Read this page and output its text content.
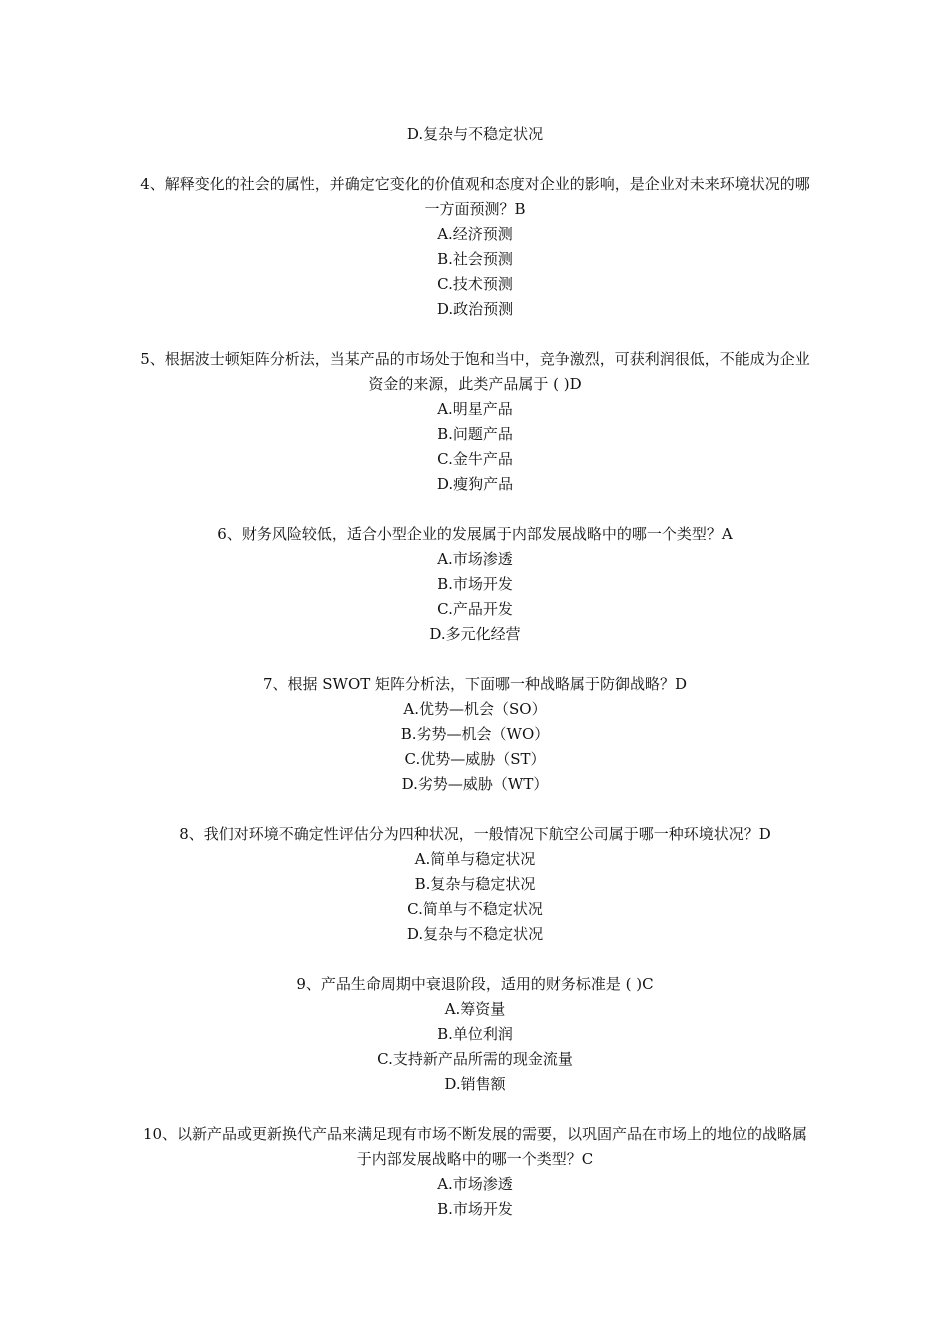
D.复杂与不稳定状况
4、解释变化的社会的属性，并确定它变化的价值观和态度对企业的影响，是企业对未来环境状况的哪一方面预测？B
A.经济预测
B.社会预测
C.技术预测
D.政治预测
5、根据波士顿矩阵分析法，当某产品的市场处于饱和当中，竞争激烈，可获利润很低，不能成为企业资金的来源，此类产品属于 ( )D
A.明星产品
B.问题产品
C.金牛产品
D.瘦狗产品
6、财务风险较低，适合小型企业的发展属于内部发展战略中的哪一个类型？A
A.市场渗透
B.市场开发
C.产品开发
D.多元化经营
7、根据 SWOT 矩阵分析法，下面哪一种战略属于防御战略？D
A.优势—机会（SO）
B.劣势—机会（WO）
C.优势—威胁（ST）
D.劣势—威胁（WT）
8、我们对环境不确定性评估分为四种状况，一般情况下航空公司属于哪一种环境状况？D
A.简单与稳定状况
B.复杂与稳定状况
C.简单与不稳定状况
D.复杂与不稳定状况
9、产品生命周期中衰退阶段，适用的财务标准是 ( )C
A.筹资量
B.单位利润
C.支持新产品所需的现金流量
D.销售额
10、以新产品或更新换代产品来满足现有市场不断发展的需要，以巩固产品在市场上的地位的战略属于内部发展战略中的哪一个类型？C
A.市场渗透
B.市场开发
